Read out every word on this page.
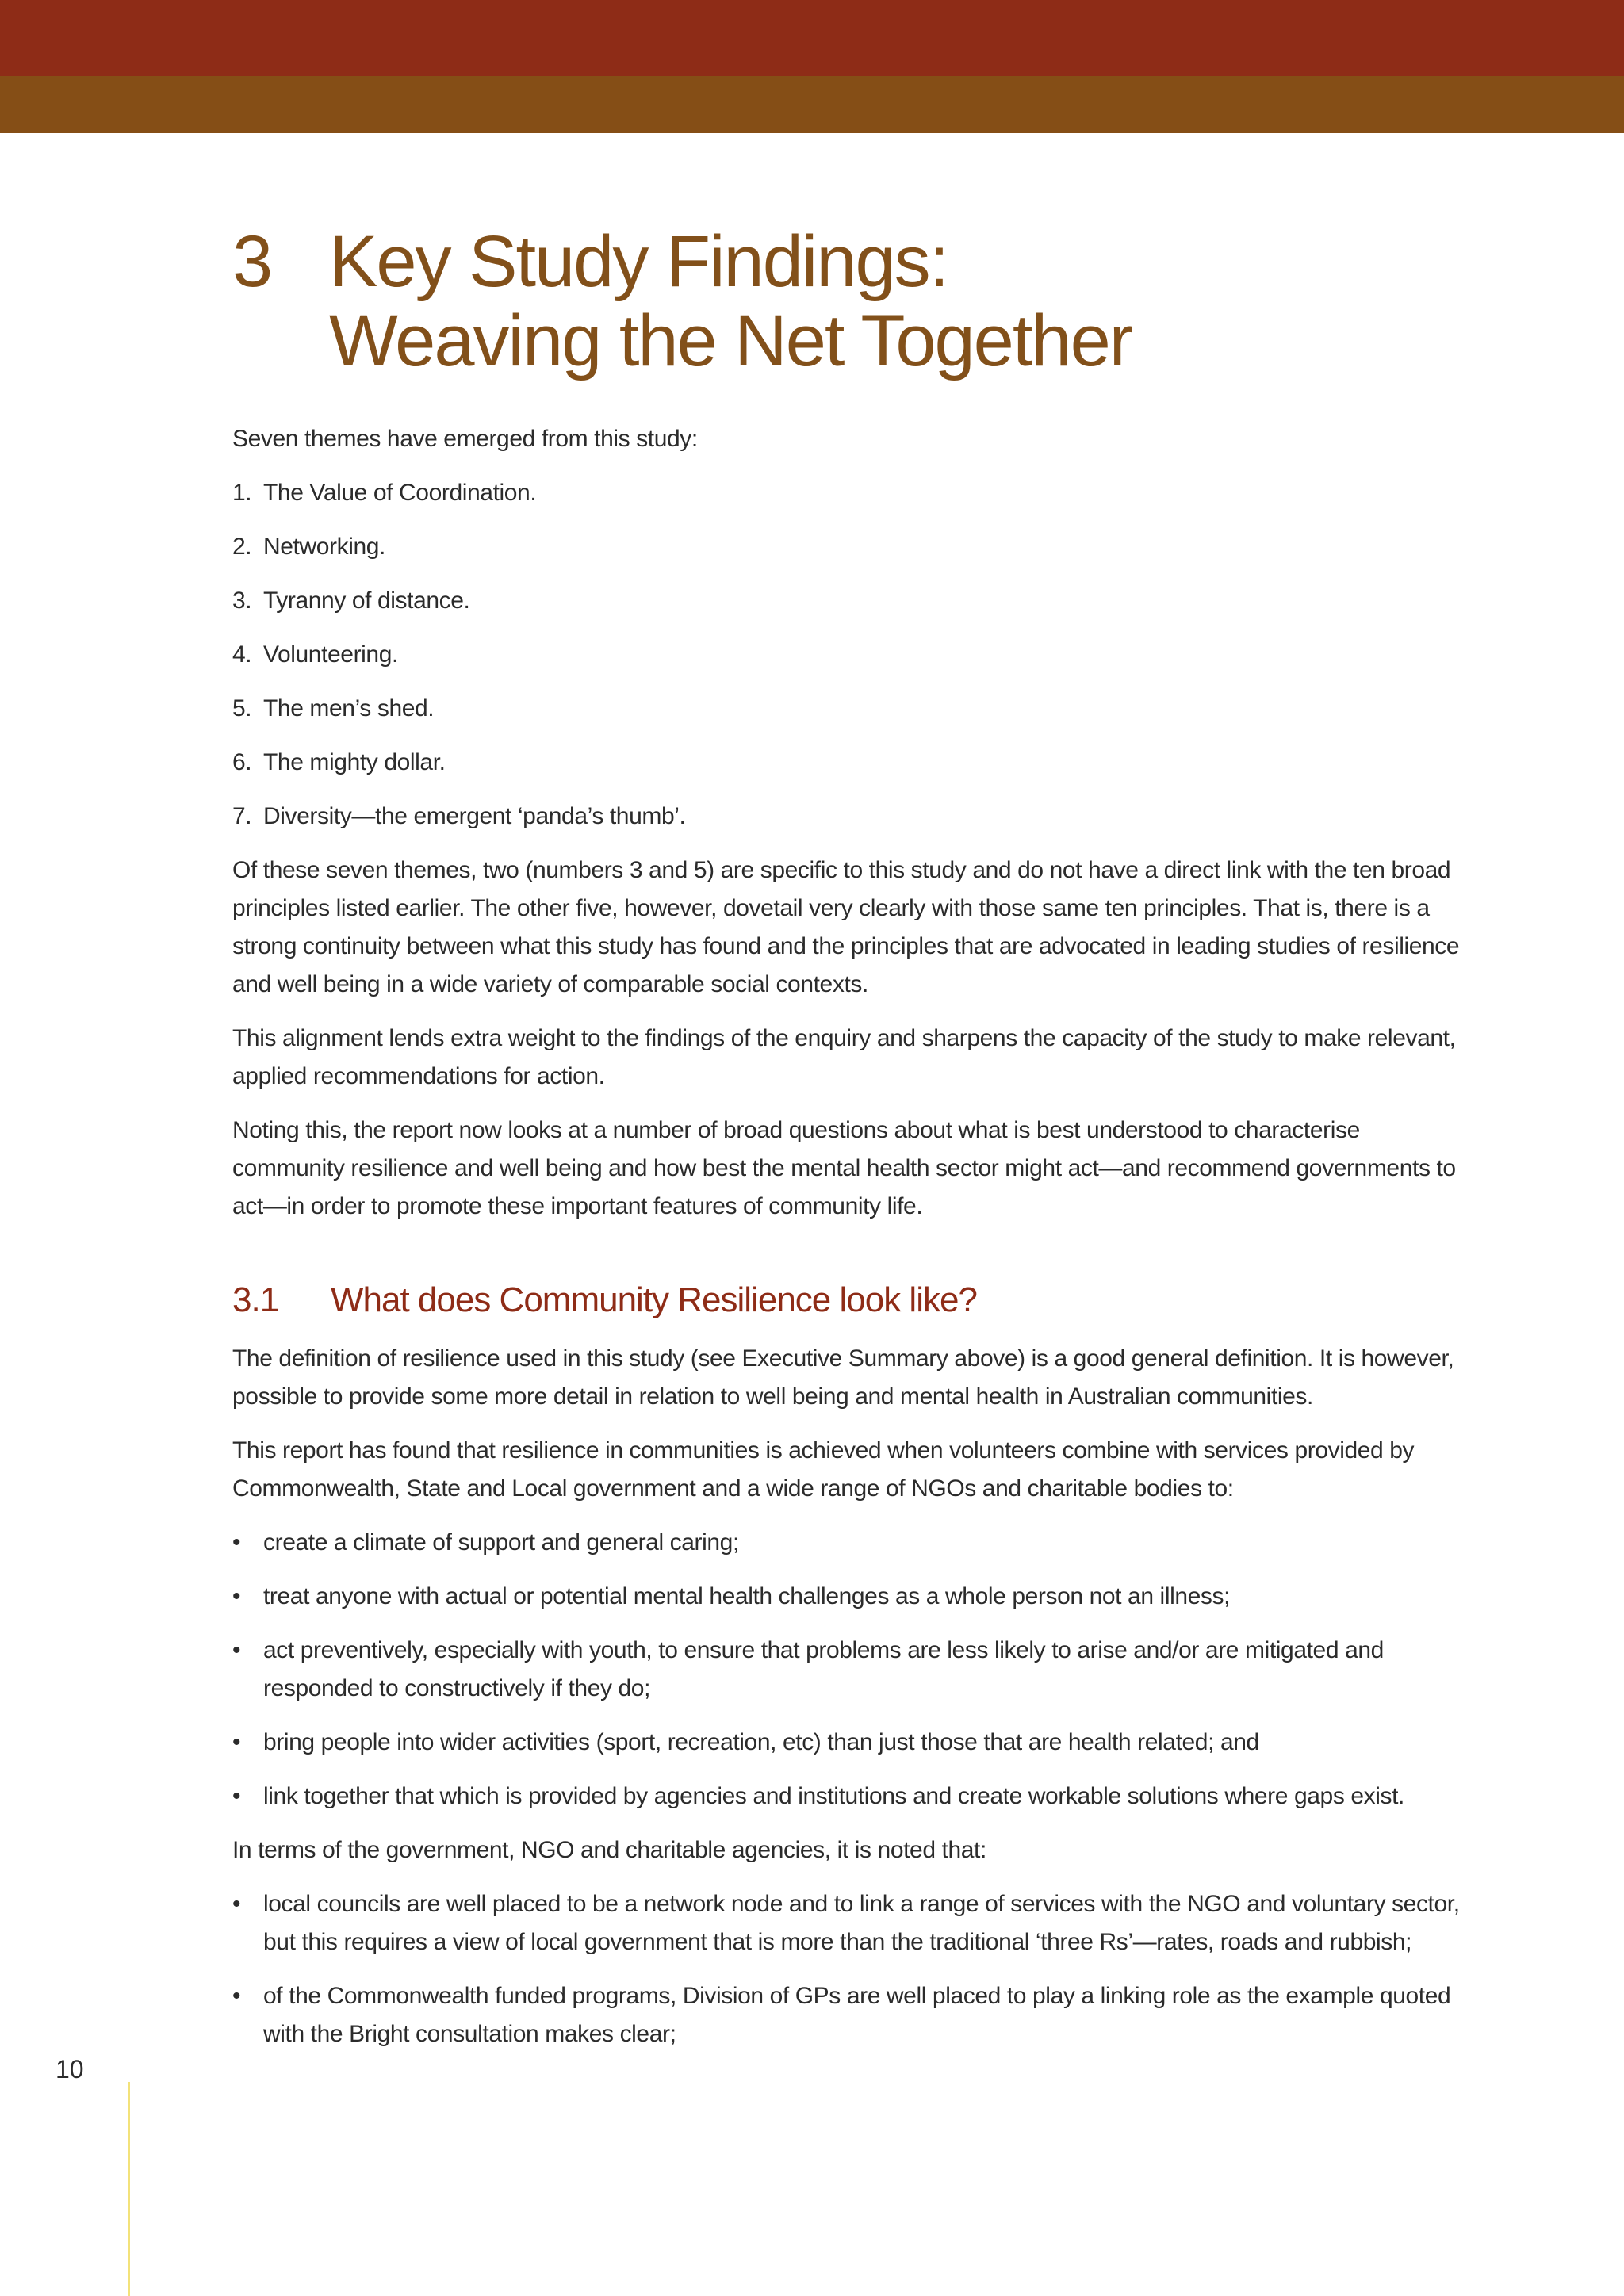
3 Key Study Findings:
Weaving the Net Together

Seven themes have emerged from this study:

1. The Value of Coordination.
2. Networking.
3. Tyranny of distance.
4. Volunteering.
5. The men’s shed.
6. The mighty dollar.
7. Diversity—the emergent ‘panda’s thumb’.

Of these seven themes, two (numbers 3 and 5) are specific to this study and do not have a direct link with the ten broad principles listed earlier. The other five, however, dovetail very clearly with those same ten principles. That is, there is a strong continuity between what this study has found and the principles that are advocated in leading studies of resilience and well being in a wide variety of comparable social contexts.

This alignment lends extra weight to the findings of the enquiry and sharpens the capacity of the study to make relevant, applied recommendations for action.

Noting this, the report now looks at a number of broad questions about what is best understood to characterise community resilience and well being and how best the mental health sector might act—and recommend governments to act—in order to promote these important features of community life.

3.1	What does Community Resilience look like?

The definition of resilience used in this study (see Executive Summary above) is a good general definition. It is however, possible to provide some more detail in relation to well being and mental health in Australian communities.

This report has found that resilience in communities is achieved when volunteers combine with services provided by Commonwealth, State and Local government and a wide range of NGOs and charitable bodies to:

• create a climate of support and general caring;
• treat anyone with actual or potential mental health challenges as a whole person not an illness;
• act preventively, especially with youth, to ensure that problems are less likely to arise and/or are mitigated and responded to constructively if they do;
• bring people into wider activities (sport, recreation, etc) than just those that are health related; and
• link together that which is provided by agencies and institutions and create workable solutions where gaps exist.

In terms of the government, NGO and charitable agencies, it is noted that:

• local councils are well placed to be a network node and to link a range of services with the NGO and voluntary sector, but this requires a view of local government that is more than the traditional ‘three Rs’—rates, roads and rubbish;
• of the Commonwealth funded programs, Division of GPs are well placed to play a linking role as the example quoted with the Bright consultation makes clear;
10
